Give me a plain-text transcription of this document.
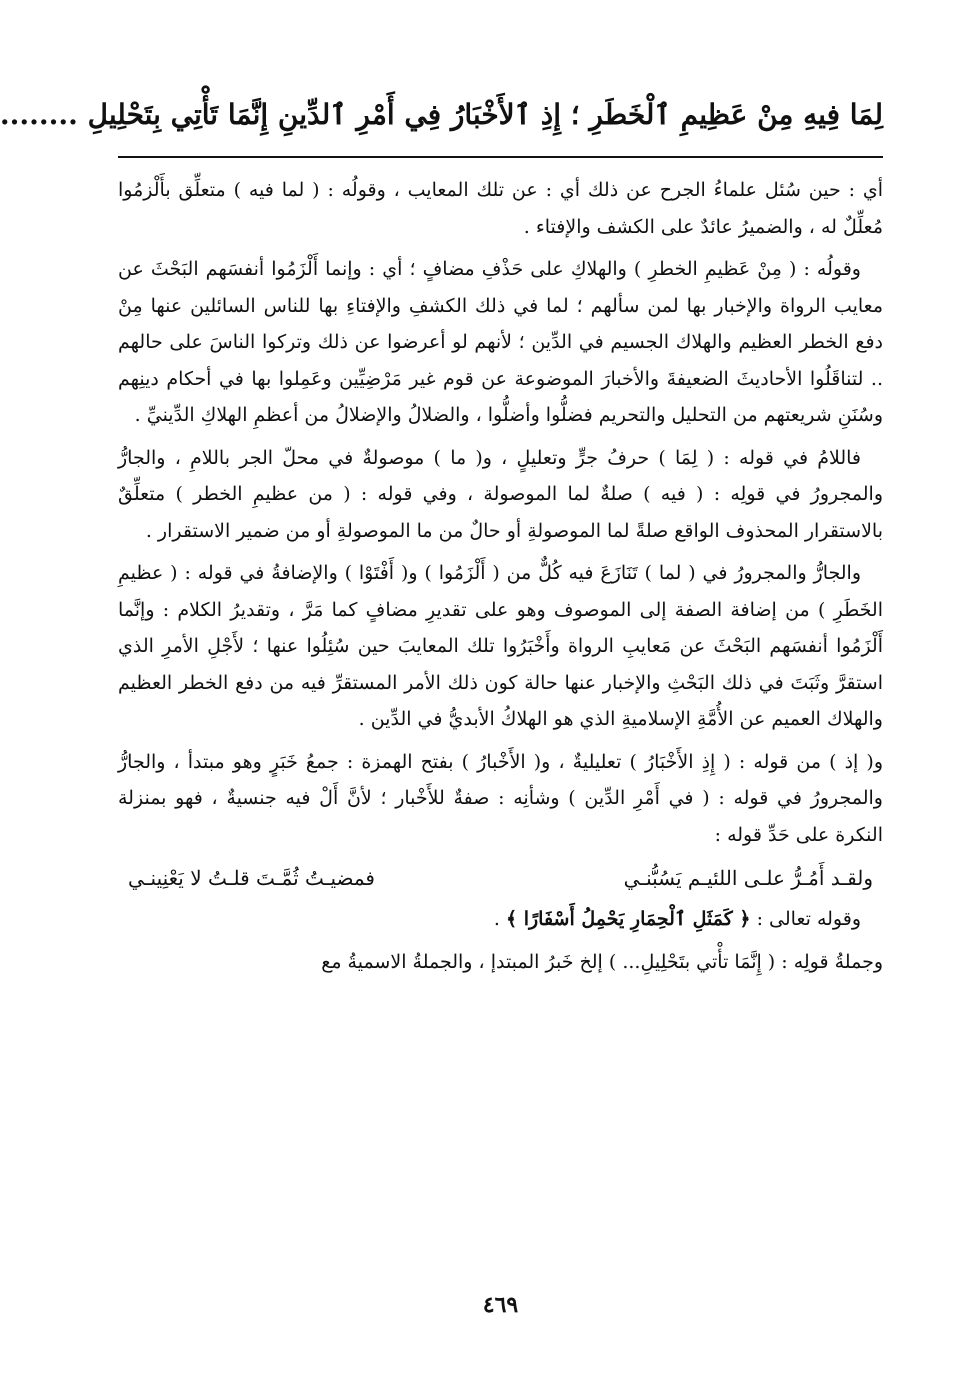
لِمَا فِيهِ مِنْ عَظِيمِ ٱلْخَطَرِ ؛ إِذِ ٱلأَخْبَارُ فِي أَمْرِ ٱلدِّينِ إِنَّمَا تَأْتِي بِتَحْلِيلِ ........

أي : حين سُئل علماءُ الجرح عن ذلك أي : عن تلك المعايب ، وقولُه : ( لما فيه ) متعلِّق بأَلْزمُوا مُعلِّلٌ له ، والضميرُ عائدٌ على الكشف والإفتاء .

وقولُه : ( مِنْ عَظيمِ الخطرِ ) والهلاكِ على حَذْفِ مضافٍ ؛ أي : وإنما أَلْزَمُوا أنفسَهم البَحْثَ عن معايب الرواة والإخبار بها لمن سألهم ؛ لما في ذلك الكشفِ والإفتاءِ بها للناس السائلين عنها مِنْ دفع الخطر العظيم والهلاك الجسيم في الدِّين ؛ لأنهم لو أعرضوا عن ذلك وتركوا الناسَ على حالهم .. لتناقَلُوا الأحاديثَ الضعيفةَ والأخبارَ الموضوعة عن قوم غير مَرْضِيِّين وعَمِلوا بها في أحكام دينِهم وسُنَنِ شريعتهم من التحليل والتحريم فضلُّوا وأضلُّوا ، والضلالُ والإضلالُ من أعظمِ الهلاكِ الدِّينيِّ .

فاللامُ في قوله : ( لِمَا ) حرفُ جرٍّ وتعليلٍ ، و( ما ) موصولةٌ في محلّ الجر باللامِ ، والجارُّ والمجرورُ في قولِه : ( فيه ) صلةٌ لما الموصولة ، وفي قوله : ( من عظيمِ الخطر ) متعلِّقٌ بالاستقرار المحذوف الواقع صلةً لما الموصولةِ أو حالٌ من ما الموصولةِ أو من ضمير الاستقرار .

والجارُّ والمجرورُ في ( لما ) تَنَازَعَ فيه كُلٌّ من ( أَلْزَمُوا ) و( أَفْتَوْا ) والإضافةُ في قوله : ( عظيمِ الخَطَرِ ) من إضافة الصفة إلى الموصوف وهو على تقديرِ مضافٍ كما مَرَّ ، وتقديرُ الكلام : وإنَّما أَلْزَمُوا أنفسَهم البَحْثَ عن مَعايبِ الرواة وأَخْبَرُوا تلك المعايبَ حين سُئِلُوا عنها ؛ لأَجْلِ الأمرِ الذي استقرَّ وثَبَتَ في ذلك البَحْثِ والإخبار عنها حالة كون ذلك الأمر المستقرِّ فيه من دفع الخطر العظيم والهلاك العميم عن الأُمَّةِ الإسلاميةِ الذي هو الهلاكُ الأبديُّ في الدِّين .

و( إذ ) من قوله : ( إِذِ الأَخْبَارُ ) تعليليةٌ ، و( الأَخْبارُ ) بفتح الهمزة : جمعُ خَبَرٍ وهو مبتدأ ، والجارُّ والمجرورُ في قوله : ( في أَمْرِ الدِّين ) وشأنِه : صفةٌ للأَخْبار ؛ لأنَّ أَلْ فيه جنسيةٌ ، فهو بمنزلة النكرة على حَدِّ قوله :

ولقـد أَمُـرُّ علـى اللئيـم يَسُبُّنـي
فمضيـتُ ثُمَّـتَ قلـتُ لا يَعْنِينـي

وقوله تعالى : ﴿ كَمَثَلِ ٱلْحِمَارِ يَحْمِلُ أَسْفَارًا ﴾ .

وجملةُ قولِه : ( إِنَّمَا تأْتي بتَحْلِيلِ... ) إلخ خَبرُ المبتدإ ، والجملةُ الاسميةُ مع

٤٦٩
